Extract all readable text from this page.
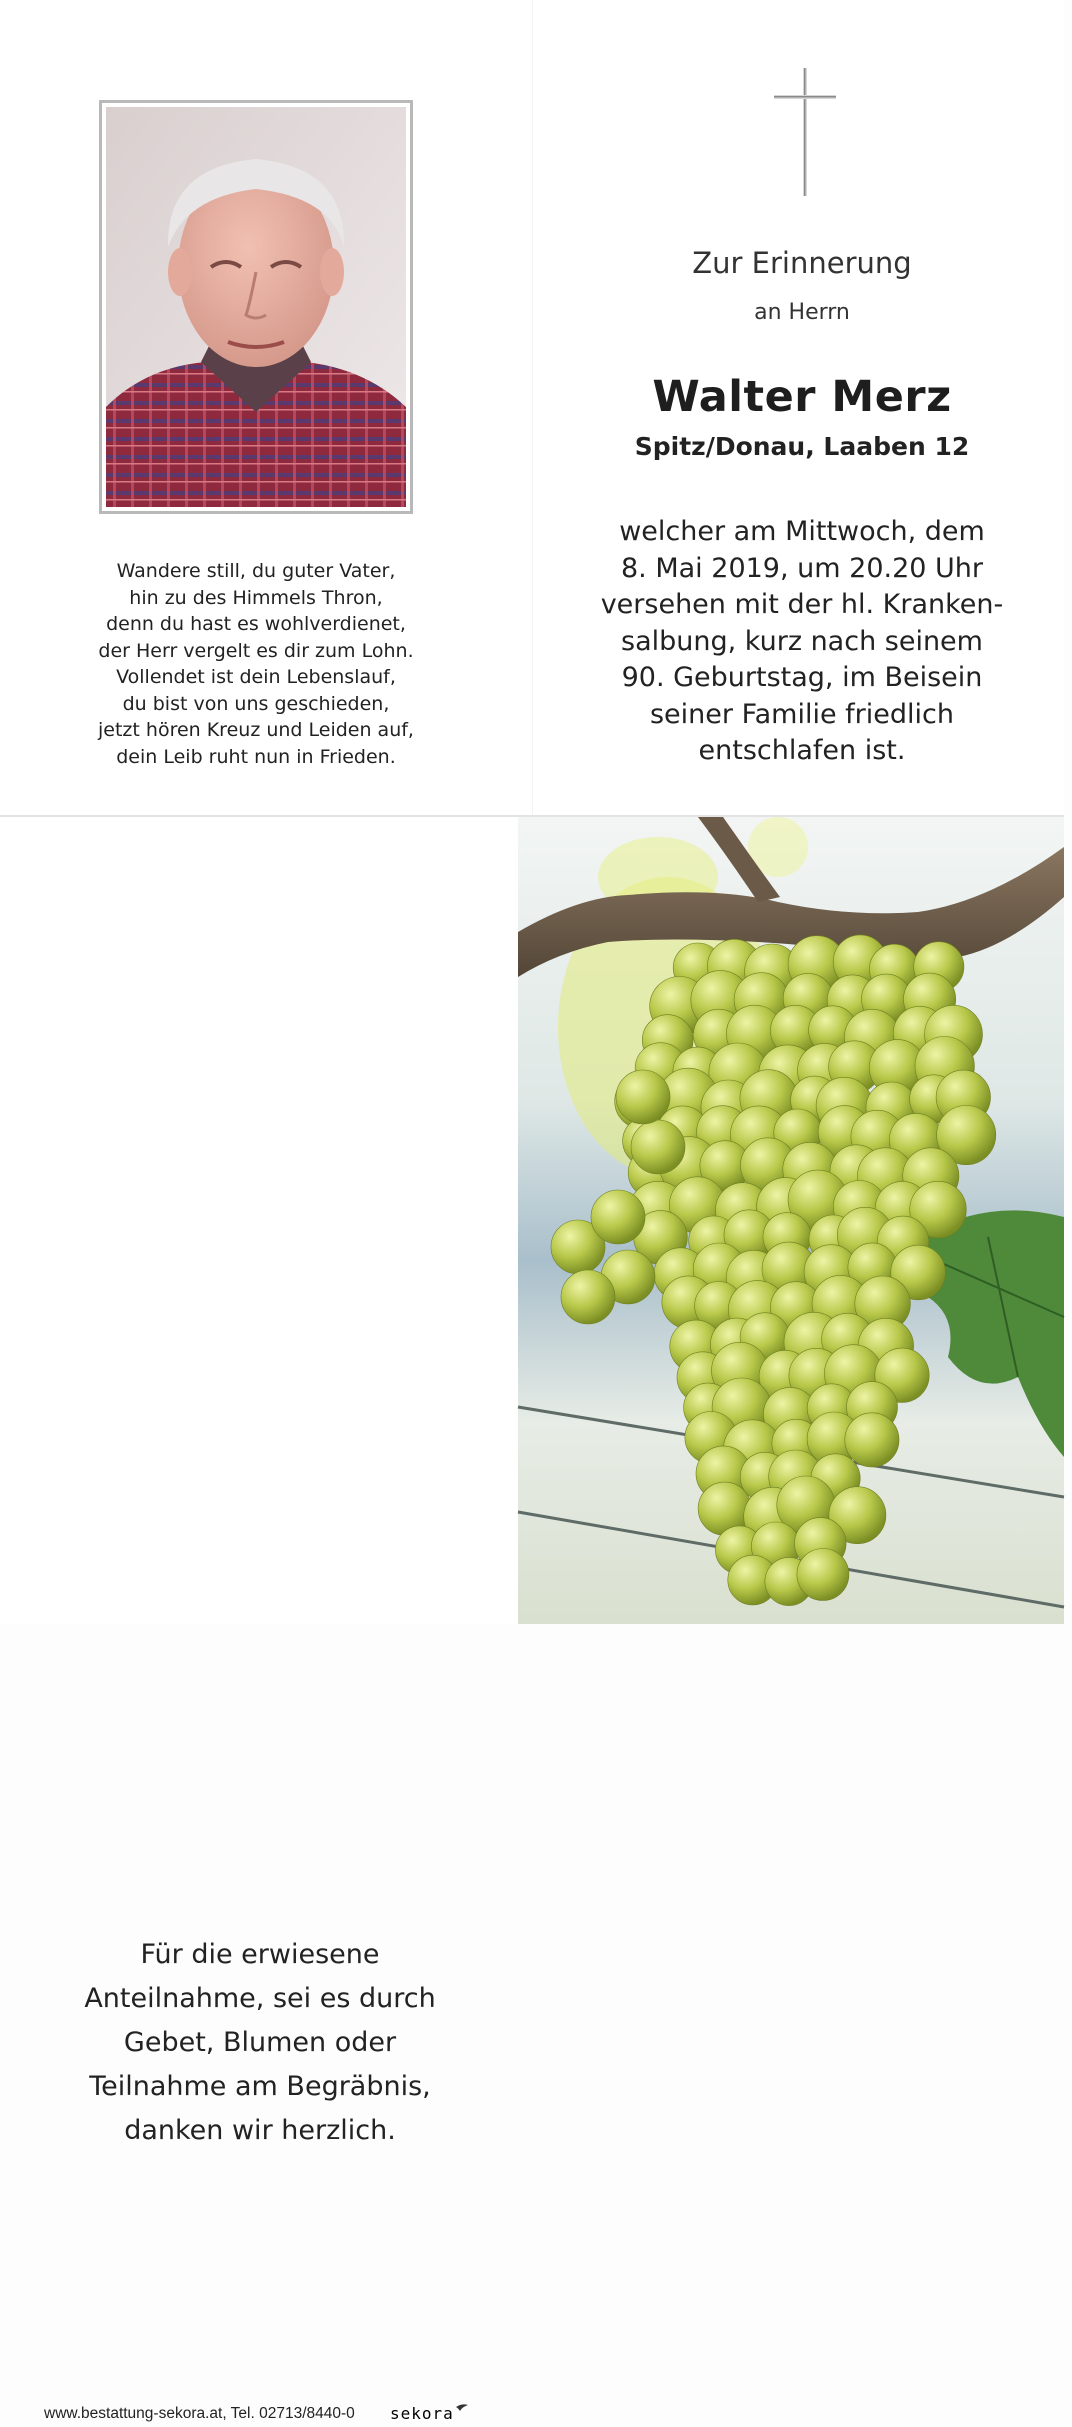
Wandere still, du guter Vater,
hin zu des Himmels Thron,
denn du hast es wohlverdienet,
der Herr vergelt es dir zum Lohn.
Vollendet ist dein Lebenslauf,
du bist von uns geschieden,
jetzt hören Kreuz und Leiden auf,
dein Leib ruht nun in Frieden.
Zur Erinnerung
an Herrn
Walter Merz
Spitz/Donau, Laaben 12
welcher am Mittwoch, dem
8. Mai 2019, um 20.20 Uhr
versehen mit der hl. Kranken-
salbung, kurz nach seinem
90. Geburtstag, im Beisein
seiner Familie friedlich
entschlafen ist.
Für die erwiesene
Anteilnahme, sei es durch
Gebet, Blumen oder
Teilnahme am Begräbnis,
danken wir herzlich.
www.bestattung-sekora.at, Tel. 02713/8440-0 sekora
